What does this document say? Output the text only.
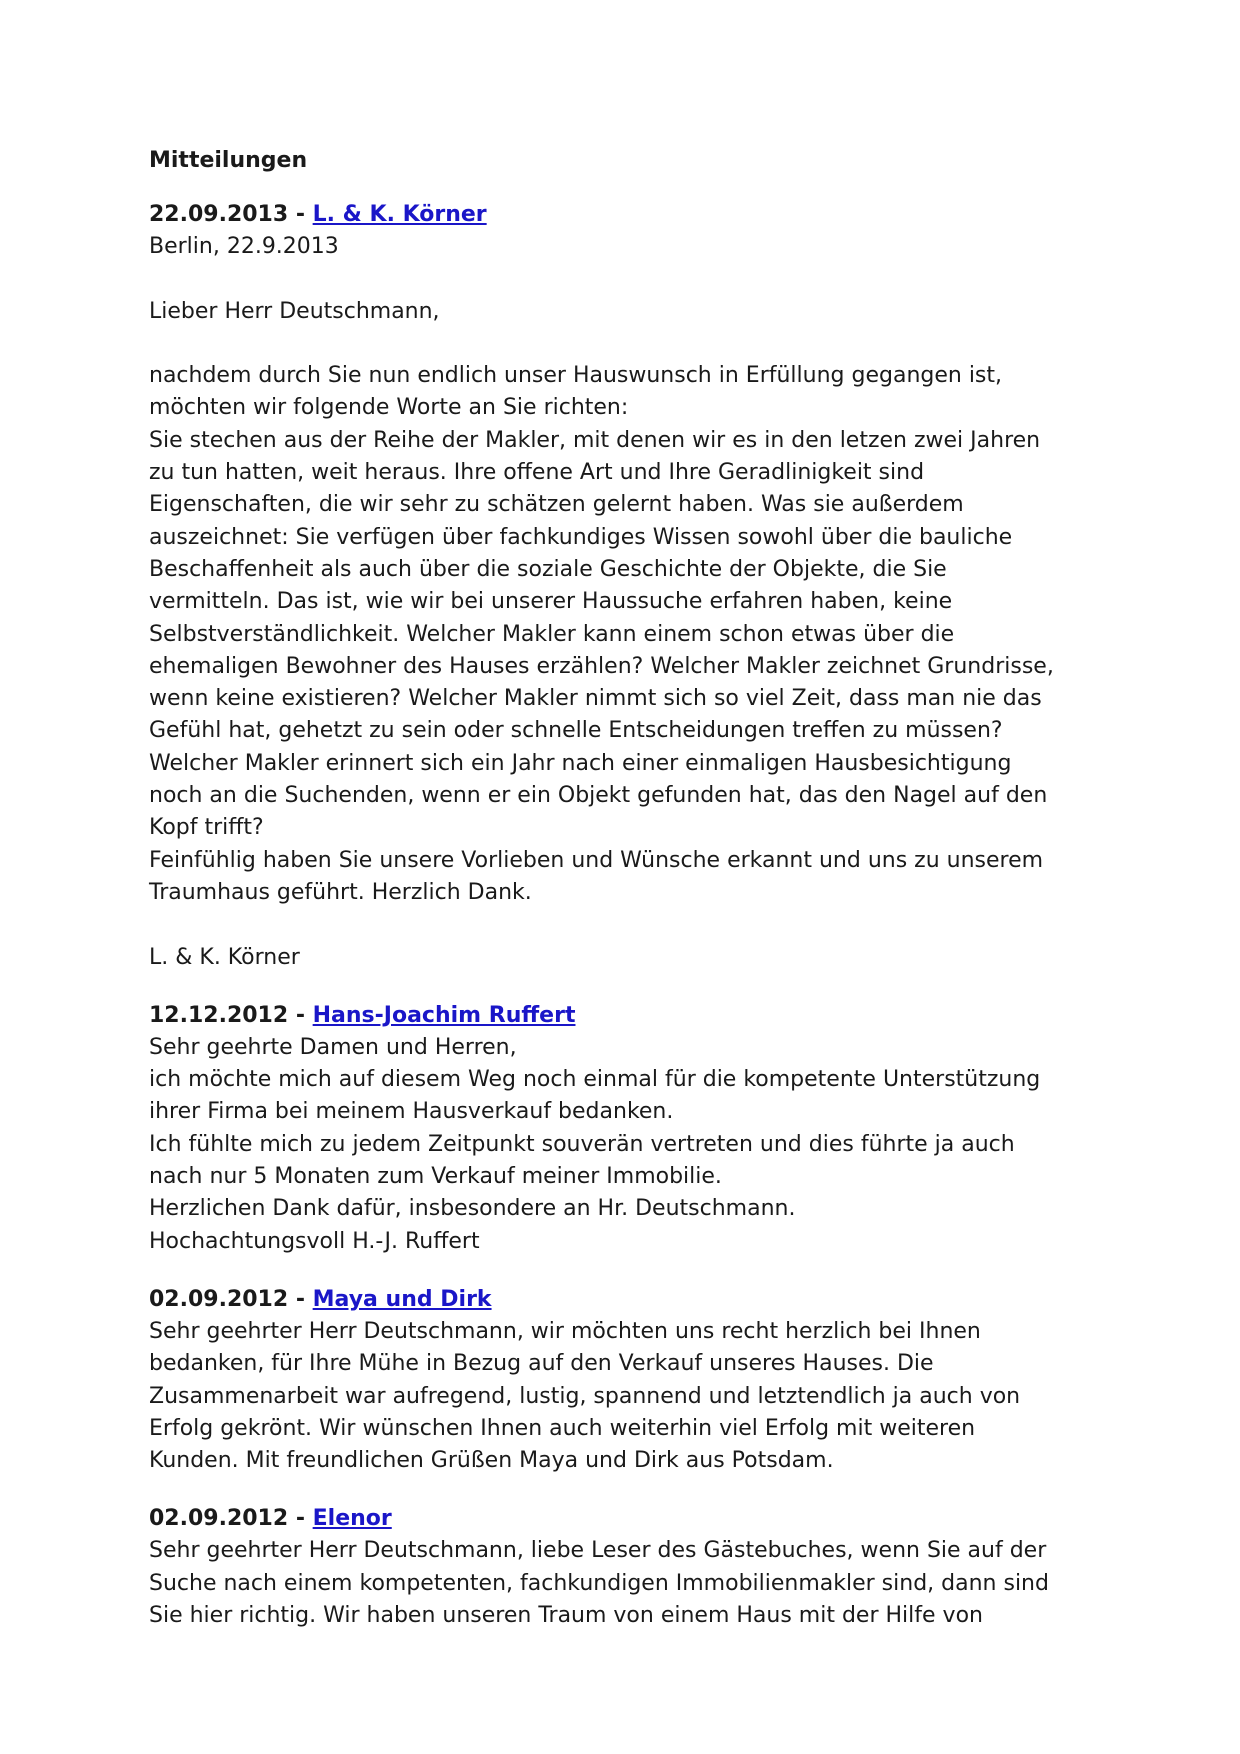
Mitteilungen
22.09.2013 - L. & K. Körner
Berlin, 22.9.2013
Lieber Herr Deutschmann,
nachdem durch Sie nun endlich unser Hauswunsch in Erfüllung gegangen ist,
möchten wir folgende Worte an Sie richten:
Sie stechen aus der Reihe der Makler, mit denen wir es in den letzen zwei Jahren
zu tun hatten, weit heraus. Ihre offene Art und Ihre Geradlinigkeit sind
Eigenschaften, die wir sehr zu schätzen gelernt haben. Was sie außerdem
auszeichnet: Sie verfügen über fachkundiges Wissen sowohl über die bauliche
Beschaffenheit als auch über die soziale Geschichte der Objekte, die Sie
vermitteln. Das ist, wie wir bei unserer Haussuche erfahren haben, keine
Selbstverständlichkeit. Welcher Makler kann einem schon etwas über die
ehemaligen Bewohner des Hauses erzählen? Welcher Makler zeichnet Grundrisse,
wenn keine existieren? Welcher Makler nimmt sich so viel Zeit, dass man nie das
Gefühl hat, gehetzt zu sein oder schnelle Entscheidungen treffen zu müssen?
Welcher Makler erinnert sich ein Jahr nach einer einmaligen Hausbesichtigung
noch an die Suchenden, wenn er ein Objekt gefunden hat, das den Nagel auf den
Kopf trifft?
Feinfühlig haben Sie unsere Vorlieben und Wünsche erkannt und uns zu unserem
Traumhaus geführt. Herzlich Dank.
L. & K. Körner
12.12.2012 - Hans-Joachim Ruffert
Sehr geehrte Damen und Herren,
ich möchte mich auf diesem Weg noch einmal für die kompetente Unterstützung
ihrer Firma bei meinem Hausverkauf bedanken.
Ich fühlte mich zu jedem Zeitpunkt souverän vertreten und dies führte ja auch
nach nur 5 Monaten zum Verkauf meiner Immobilie.
Herzlichen Dank dafür, insbesondere an Hr. Deutschmann.
Hochachtungsvoll H.-J. Ruffert
02.09.2012 - Maya und Dirk
Sehr geehrter Herr Deutschmann, wir möchten uns recht herzlich bei Ihnen
bedanken, für Ihre Mühe in Bezug auf den Verkauf unseres Hauses. Die
Zusammenarbeit war aufregend, lustig, spannend und letztendlich ja auch von
Erfolg gekrönt. Wir wünschen Ihnen auch weiterhin viel Erfolg mit weiteren
Kunden. Mit freundlichen Grüßen Maya und Dirk aus Potsdam.
02.09.2012 - Elenor
Sehr geehrter Herr Deutschmann, liebe Leser des Gästebuches, wenn Sie auf der
Suche nach einem kompetenten, fachkundigen Immobilienmakler sind, dann sind
Sie hier richtig. Wir haben unseren Traum von einem Haus mit der Hilfe von
